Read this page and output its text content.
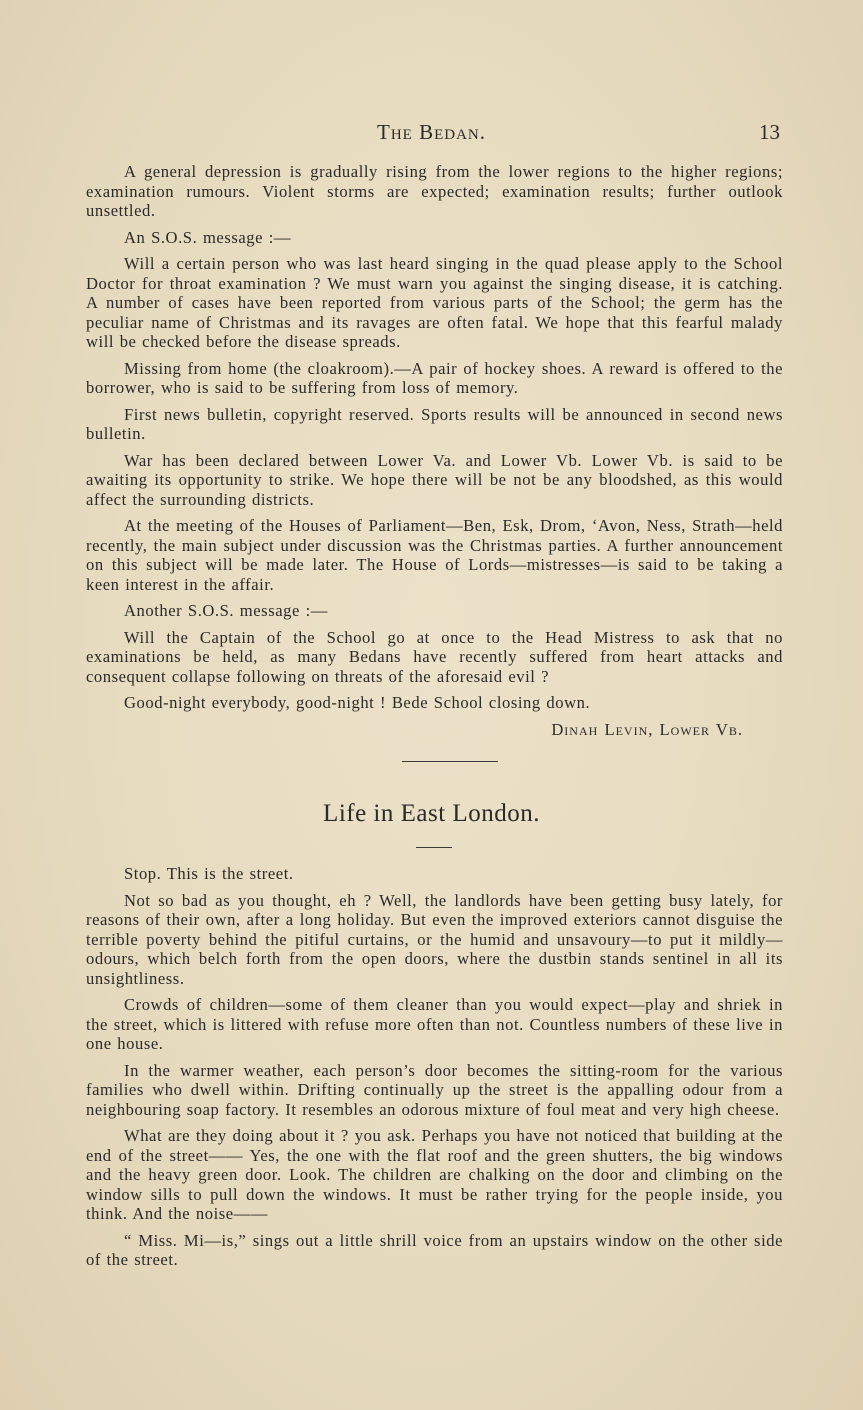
The Bedan.	13

A general depression is gradually rising from the lower regions to the higher regions; examination rumours. Violent storms are expected; examination results; further outlook unsettled.

An S.O.S. message :—

Will a certain person who was last heard singing in the quad please apply to the School Doctor for throat examination ? We must warn you against the singing disease, it is catching. A number of cases have been reported from various parts of the School; the germ has the peculiar name of Christmas and its ravages are often fatal. We hope that this fearful malady will be checked before the disease spreads.

Missing from home (the cloakroom).—A pair of hockey shoes. A reward is offered to the borrower, who is said to be suffering from loss of memory.

First news bulletin, copyright reserved. Sports results will be announced in second news bulletin.

War has been declared between Lower Va. and Lower Vb. Lower Vb. is said to be awaiting its opportunity to strike. We hope there will be not be any bloodshed, as this would affect the surrounding districts.

At the meeting of the Houses of Parliament—Ben, Esk, Drom, ‘Avon, Ness, Strath—held recently, the main subject under discussion was the Christmas parties. A further announcement on this subject will be made later. The House of Lords—mistresses—is said to be taking a keen interest in the affair.

Another S.O.S. message :—

Will the Captain of the School go at once to the Head Mistress to ask that no examinations be held, as many Bedans have recently suffered from heart attacks and consequent collapse following on threats of the aforesaid evil ?

Good-night everybody, good-night ! Bede School closing down.

Dinah Levin, Lower Vb.
Life in East London.

Stop. This is the street.

Not so bad as you thought, eh ? Well, the landlords have been getting busy lately, for reasons of their own, after a long holiday. But even the improved exteriors cannot disguise the terrible poverty behind the pitiful curtains, or the humid and unsavoury—to put it mildly—odours, which belch forth from the open doors, where the dustbin stands sentinel in all its unsightliness.

Crowds of children—some of them cleaner than you would expect—play and shriek in the street, which is littered with refuse more often than not. Countless numbers of these live in one house.

In the warmer weather, each person’s door becomes the sitting-room for the various families who dwell within. Drifting continually up the street is the appalling odour from a neighbouring soap factory. It resembles an odorous mixture of foul meat and very high cheese.

What are they doing about it ? you ask. Perhaps you have not noticed that building at the end of the street—— Yes, the one with the flat roof and the green shutters, the big windows and the heavy green door. Look. The children are chalking on the door and climbing on the window sills to pull down the windows. It must be rather trying for the people inside, you think. And the noise——

“ Miss. Mi—is,” sings out a little shrill voice from an upstairs window on the other side of the street.
